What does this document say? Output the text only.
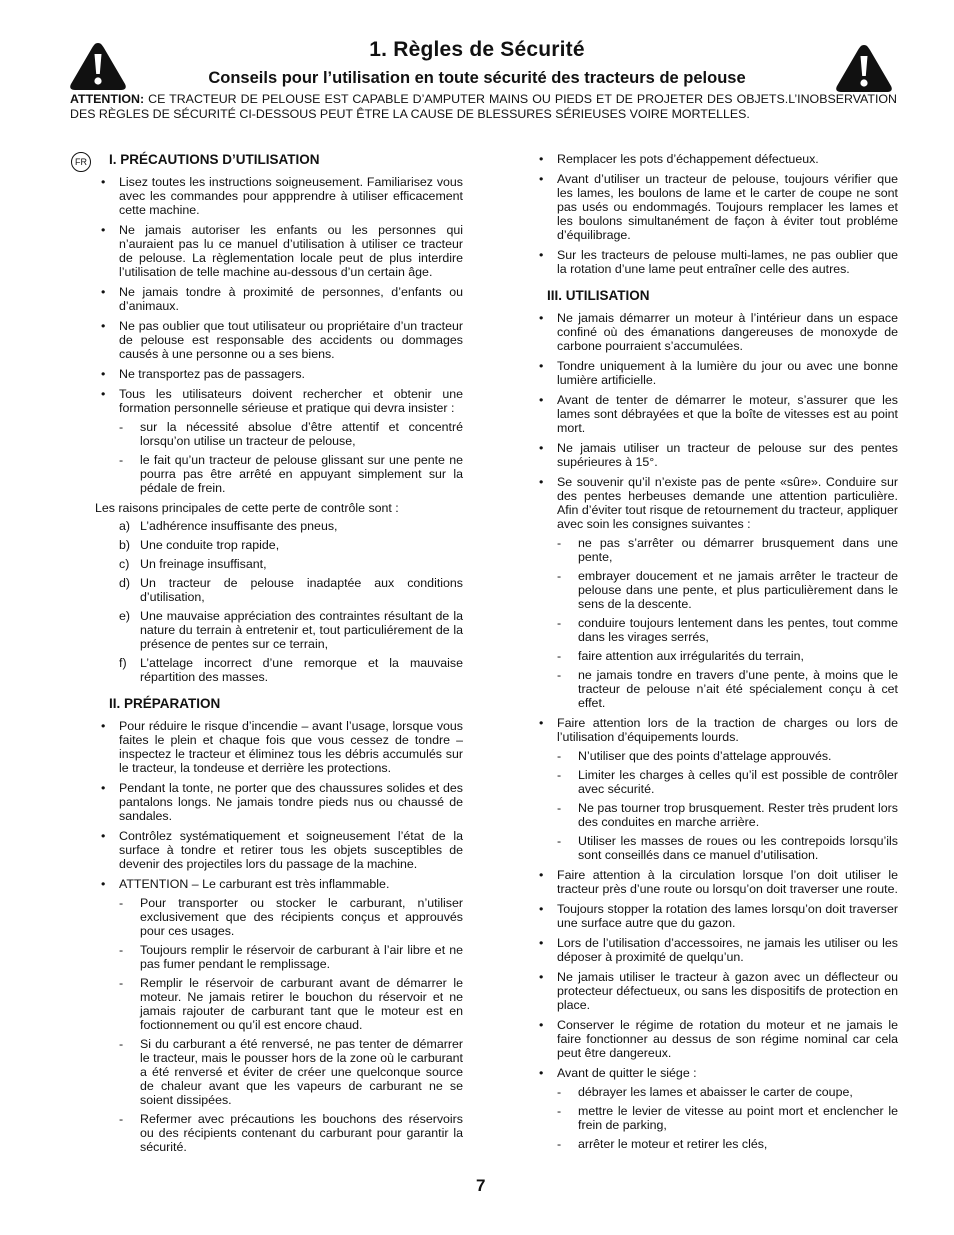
1. Règles de Sécurité
Conseils pour l’utilisation en toute sécurité des tracteurs de pelouse
ATTENTION: CE TRACTEUR DE PELOUSE EST CAPABLE D’AMPUTER MAINS OU PIEDS ET DE PROJETER DES OBJETS.L’INOBSERVATION DES RÈGLES DE SÉCURITÉ CI-DESSOUS PEUT ÊTRE LA CAUSE DE BLESSURES SÉRIEUSES VOIRE MORTELLES.
FR I. PRÉCAUTIONS D’UTILISATION
• Lisez toutes les instructions soigneusement. Familiarisez vous avec les commandes pour appprendre à utiliser efficacement cette machine.
• Ne jamais autoriser les enfants ou les personnes qui n’auraient pas lu ce manuel d’utilisation à utiliser ce tracteur de pelouse. La règlementation locale peut de plus interdire l’utilisation de telle machine au-dessous d’un certain âge.
• Ne jamais tondre à proximité de personnes, d’enfants ou d’animaux.
• Ne pas oublier que tout utilisateur ou propriétaire d’un tracteur de pelouse est responsable des accidents ou dommages causés à une personne ou a ses biens.
• Ne transportez pas de passagers.
• Tous les utilisateurs doivent rechercher et obtenir une formation personnelle sérieuse et pratique qui devra insister :
- sur la nécessité absolue d’être attentif et concentré lorsqu’on utilise un tracteur de pelouse,
- le fait qu’un tracteur de pelouse glissant sur une pente ne pourra pas être arrêté en appuyant simplement sur la pédale de frein.

Les raisons principales de cette perte de contrôle sont :

a) L’adhérence insuffisante des pneus,
b) Une conduite trop rapide,
c) Un freinage insuffisant,
d) Un tracteur de pelouse inadaptée aux conditions d’utilisation,
e) Une mauvaise appréciation des contraintes résultant de la nature du terrain à entretenir et, tout particuliérement de la présence de pentes sur ce terrain,
f) L’attelage incorrect d’une remorque et la mauvaise répartition des masses.
II. PRÉPARATION
• Pour réduire le risque d’incendie – avant l’usage, lorsque vous faites le plein et chaque fois que vous cessez de tondre – inspectez le tracteur et éliminez tous les débris accumulés sur le tracteur, la tondeuse et derrière les protections.
• Pendant la tonte, ne porter que des chaussures solides et des pantalons longs. Ne jamais tondre pieds nus ou chaussé de sandales.
• Contrôlez systématiquement et soigneusement l’état de la surface à tondre et retirer tous les objets susceptibles de devenir des projectiles lors du passage de la machine.
• ATTENTION – Le carburant est très inflammable.
- Pour transporter ou stocker le carburant, n’utiliser exclusivement que des récipients conçus et approuvés pour ces usages.
- Toujours remplir le réservoir de carburant à l’air libre et ne pas fumer pendant le remplissage.
- Remplir le réservoir de carburant avant de démarrer le moteur. Ne jamais retirer le bouchon du réservoir et ne jamais rajouter de carburant tant que le moteur est en foctionnement ou qu’il est encore chaud.
- Si du carburant a été renversé, ne pas tenter de démarrer le tracteur, mais le pousser hors de la zone où le carburant a été renversé et éviter de créer une quelconque source de chaleur avant que les vapeurs de carburant ne se soient dissipées.
- Refermer avec précautions les bouchons des réservoirs ou des récipients contenant du carburant pour garantir la sécurité.
• Remplacer les pots d’échappement défectueux.
• Avant d’utiliser un tracteur de pelouse, toujours vérifier que les lames, les boulons de lame et le carter de coupe ne sont pas usés ou endommagés. Toujours remplacer les lames et les boulons simultanément de façon à éviter tout probléme d’équilibrage.
• Sur les tracteurs de pelouse multi-lames, ne pas oublier que la rotation d’une lame peut entraîner celle des autres.
III. UTILISATION
• Ne jamais démarrer un moteur à l’intérieur dans un espace confiné où des émanations dangereuses de monoxyde de carbone pourraient s’accumulées.
• Tondre uniquement à la lumière du jour ou avec une bonne lumière artificielle.
• Avant de tenter de démarrer le moteur, s’assurer que les lames sont débrayées et que la boîte de vitesses est au point mort.
• Ne jamais utiliser un tracteur de pelouse sur des pentes supérieures à 15°.
• Se souvenir qu’il n’existe pas de pente «sûre». Conduire sur des pentes herbeuses demande une attention particulière. Afin d’éviter tout risque de retournement du tracteur, appliquer avec soin les consignes suivantes :
- ne pas s’arrêter ou démarrer brusquement dans une pente,
- embrayer doucement et ne jamais arrêter le tracteur de pelouse dans une pente, et plus particulièrement dans le sens de la descente.
- conduire toujours lentement dans les pentes, tout comme dans les virages serrés,
- faire attention aux irrégularités du terrain,
- ne jamais tondre en travers d’une pente, à moins que le tracteur de pelouse n’ait été spécialement conçu à cet effet.
• Faire attention lors de la traction de charges ou lors de l’utilisation d’équipements lourds.
- N’utiliser que des points d’attelage approuvés.
- Limiter les charges à celles qu’il est possible de contrôler avec sécurité.
- Ne pas tourner trop brusquement. Rester très prudent lors des conduites en marche arrière.
- Utiliser les masses de roues ou les contrepoids lorsqu’ils sont conseillés dans ce manuel d’utilisation.
• Faire attention à la circulation lorsque l’on doit utiliser le tracteur près d’une route ou lorsqu’on doit traverser une route.
• Toujours stopper la rotation des lames lorsqu’on doit traverser une surface autre que du gazon.
• Lors de l’utilisation d’accessoires, ne jamais les utiliser ou les déposer à proximité de quelqu’un.
• Ne jamais utiliser le tracteur à gazon avec un déflecteur ou protecteur défectueux, ou sans les dispositifs de protection en place.
• Conserver le régime de rotation du moteur et ne jamais le faire fonctionner au dessus de son régime nominal car cela peut être dangereux.
• Avant de quitter le siége :
- débrayer les lames et abaisser le carter de coupe,
- mettre le levier de vitesse au point mort et enclencher le frein de parking,
- arrêter le moteur et retirer les clés,
7
